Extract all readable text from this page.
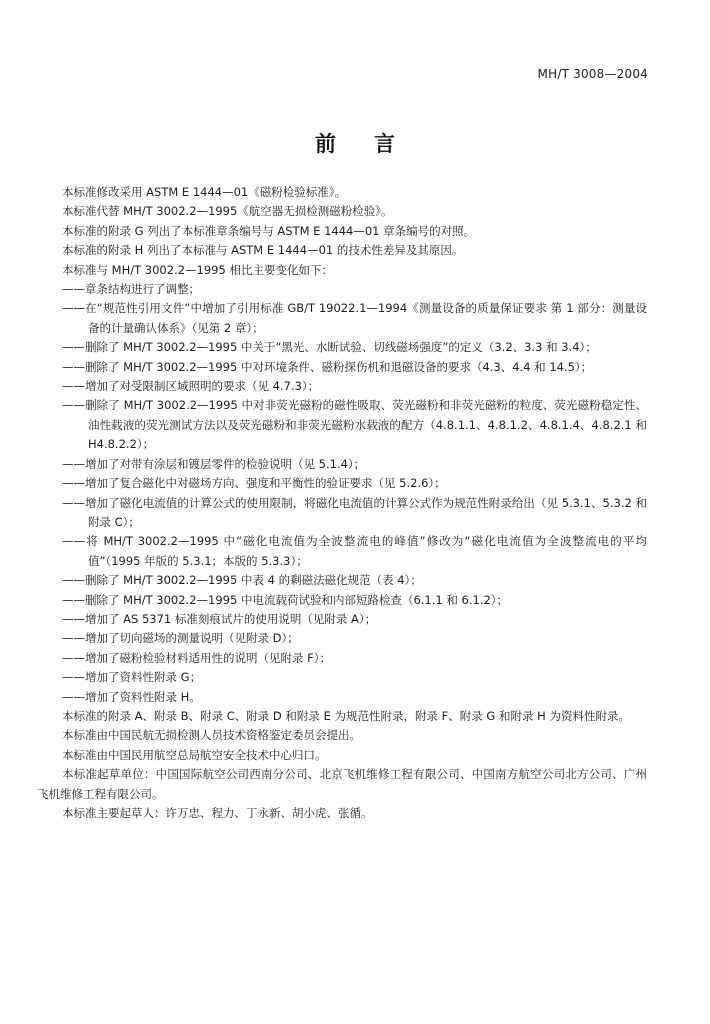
MH/T 3008—2004
前言

本标准修改采用 ASTM E 1444—01《磁粉检验标准》。

本标准代替 MH/T 3002.2—1995《航空器无损检测磁粉检验》。

本标准的附录 G 列出了本标准章条编号与 ASTM E 1444—01 章条编号的对照。

本标准的附录 H 列出了本标准与 ASTM E 1444—01 的技术性差异及其原因。

本标准与 MH/T 3002.2—1995 相比主要变化如下：

——章条结构进行了调整；

——在“规范性引用文件”中增加了引用标准 GB/T 19022.1—1994《测量设备的质量保证要求 第 1 部分：测量设备的计量确认体系》（见第 2 章）；

——删除了 MH/T 3002.2—1995 中关于“黑光、水断试验、切线磁场强度”的定义（3.2、3.3 和 3.4）；

——删除了 MH/T 3002.2—1995 中对环境条件、磁粉探伤机和退磁设备的要求（4.3、4.4 和 14.5）；

——增加了对受限制区域照明的要求（见 4.7.3）；

——删除了 MH/T 3002.2—1995 中对非荧光磁粉的磁性吸取、荧光磁粉和非荧光磁粉的粒度、荧光磁粉稳定性、油性载液的荧光测试方法以及荧光磁粉和非荧光磁粉水载液的配方（4.8.1.1、4.8.1.2、4.8.1.4、4.8.2.1 和 H4.8.2.2）；

——增加了对带有涂层和镀层零件的检验说明（见 5.1.4）；

——增加了复合磁化中对磁场方向、强度和平衡性的验证要求（见 5.2.6）；

——增加了磁化电流值的计算公式的使用限制，将磁化电流值的计算公式作为规范性附录给出（见 5.3.1、5.3.2 和附录 C）；

——将 MH/T 3002.2—1995 中“磁化电流值为全波整流电的峰值”修改为“磁化电流值为全波整流电的平均值”（1995 年版的 5.3.1；本版的 5.3.3）；

——删除了 MH/T 3002.2—1995 中表 4 的剩磁法磁化规范（表 4）；

——删除了 MH/T 3002.2—1995 中电流载荷试验和内部短路检查（6.1.1 和 6.1.2）；

——增加了 AS 5371 标准刻痕试片的使用说明（见附录 A）；

——增加了切向磁场的测量说明（见附录 D）；

——增加了磁粉检验材料适用性的说明（见附录 F）；

——增加了资料性附录 G；

——增加了资料性附录 H。

本标准的附录 A、附录 B、附录 C、附录 D 和附录 E 为规范性附录，附录 F、附录 G 和附录 H 为资料性附录。

本标准由中国民航无损检测人员技术资格鉴定委员会提出。

本标准由中国民用航空总局航空安全技术中心归口。

本标准起草单位：中国国际航空公司西南分公司、北京飞机维修工程有限公司、中国南方航空公司北方公司、广州飞机维修工程有限公司。

本标准主要起草人：许万忠、程力、丁永新、胡小虎、张循。
